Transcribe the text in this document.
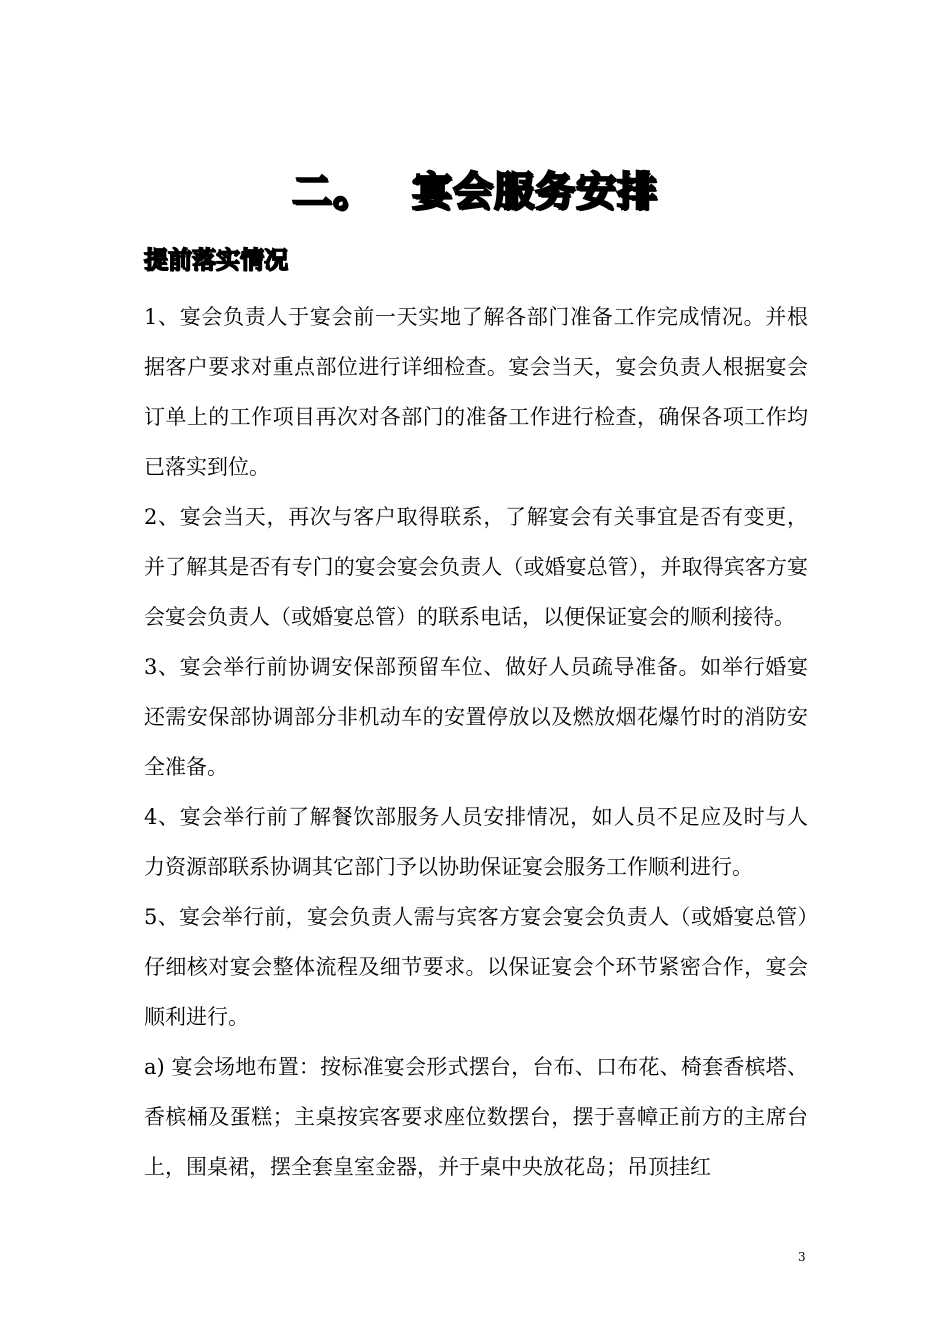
二。 宴会服务安排
提前落实情况

1、宴会负责人于宴会前一天实地了解各部门准备工作完成情况。并根据客户要求对重点部位进行详细检查。宴会当天，宴会负责人根据宴会订单上的工作项目再次对各部门的准备工作进行检查，确保各项工作均已落实到位。

2、宴会当天，再次与客户取得联系，了解宴会有关事宜是否有变更，并了解其是否有专门的宴会宴会负责人（或婚宴总管），并取得宾客方宴会宴会负责人（或婚宴总管）的联系电话，以便保证宴会的顺利接待。

3、宴会举行前协调安保部预留车位、做好人员疏导准备。如举行婚宴还需安保部协调部分非机动车的安置停放以及燃放烟花爆竹时的消防安全准备。

4、宴会举行前了解餐饮部服务人员安排情况，如人员不足应及时与人力资源部联系协调其它部门予以协助保证宴会服务工作顺利进行。

5、宴会举行前，宴会负责人需与宾客方宴会宴会负责人（或婚宴总管）仔细核对宴会整体流程及细节要求。以保证宴会个环节紧密合作，宴会顺利进行。

a) 宴会场地布置：按标准宴会形式摆台，台布、口布花、椅套香槟塔、香槟桶及蛋糕；主桌按宾客要求座位数摆台，摆于喜幛正前方的主席台上，围桌裙，摆全套皇室金器，并于桌中央放花岛；吊顶挂红

3
